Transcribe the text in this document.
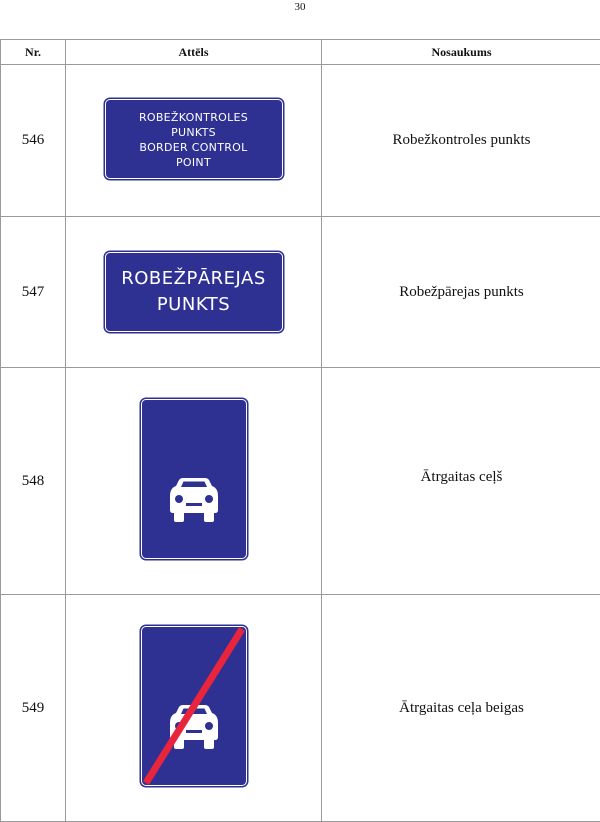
30
Nr.	Attēls	Nosaukums
546	ROBEŽKONTROLES
PUNKTS
BORDER CONTROL
POINT	Robežkontroles punkts
547	ROBEŽPĀREJAS
PUNKTS	Robežpārejas punkts
548		Ātrgaitas ceļš
549		Ātrgaitas ceļa beigas
